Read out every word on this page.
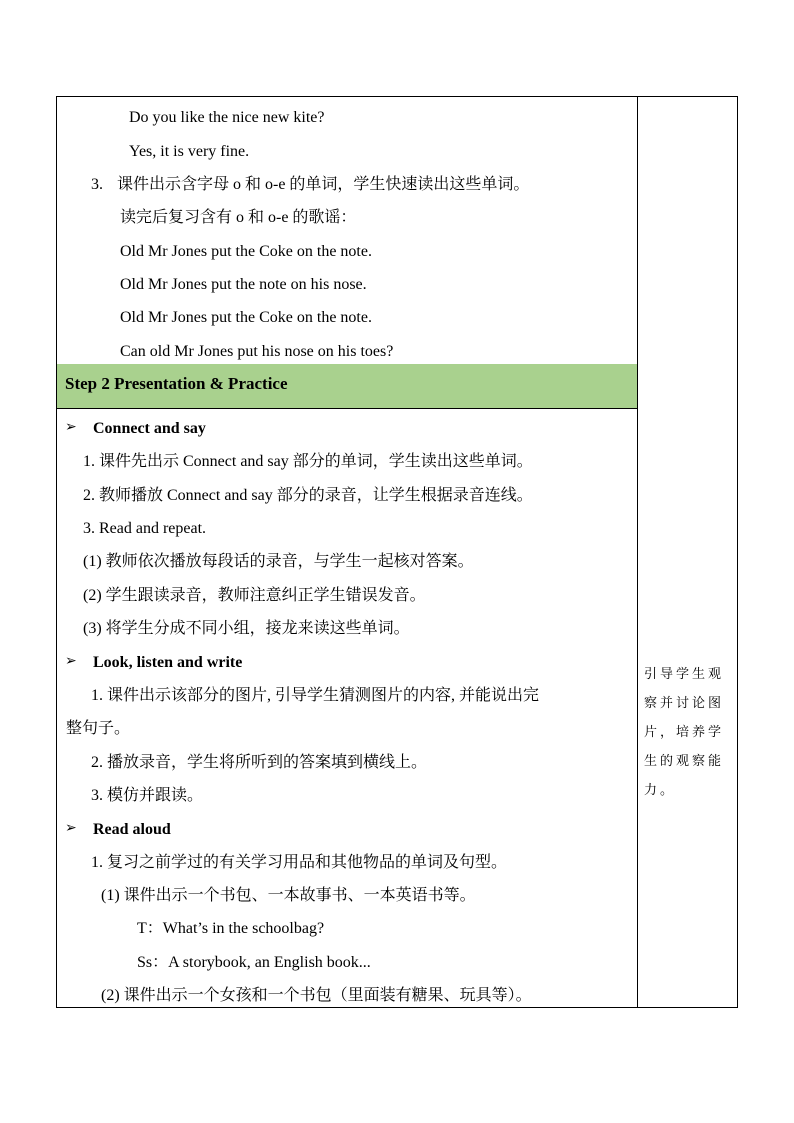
Do you like the nice new kite?
Yes, it is very fine.
3. 课件出示含字母 o 和 o-e 的单词，学生快速读出这些单词。
读完后复习含有 o 和 o-e 的歌谣：
Old Mr Jones put the Coke on the note.
Old Mr Jones put the note on his nose.
Old Mr Jones put the Coke on the note.
Can old Mr Jones put his nose on his toes?
Step 2 Presentation & Practice
➢ Connect and say
1. 课件先出示 Connect and say 部分的单词，学生读出这些单词。
2. 教师播放 Connect and say 部分的录音，让学生根据录音连线。
3. Read and repeat.
(1) 教师依次播放每段话的录音，与学生一起核对答案。
(2) 学生跟读录音，教师注意纠正学生错误发音。
(3) 将学生分成不同小组，接龙来读这些单词。
➢ Look, listen and write
1. 课件出示该部分的图片, 引导学生猜测图片的内容, 并能说出完
整句子。
2. 播放录音，学生将所听到的答案填到横线上。
3. 模仿并跟读。
➢ Read aloud
1. 复习之前学过的有关学习用品和其他物品的单词及句型。
(1) 课件出示一个书包、一本故事书、一本英语书等。
T：What’s in the schoolbag?
Ss：A storybook, an English book...
(2) 课件出示一个女孩和一个书包（里面装有糖果、玩具等）。
引导学生观
察并讨论图
片，培养学
生的观察能
力。
